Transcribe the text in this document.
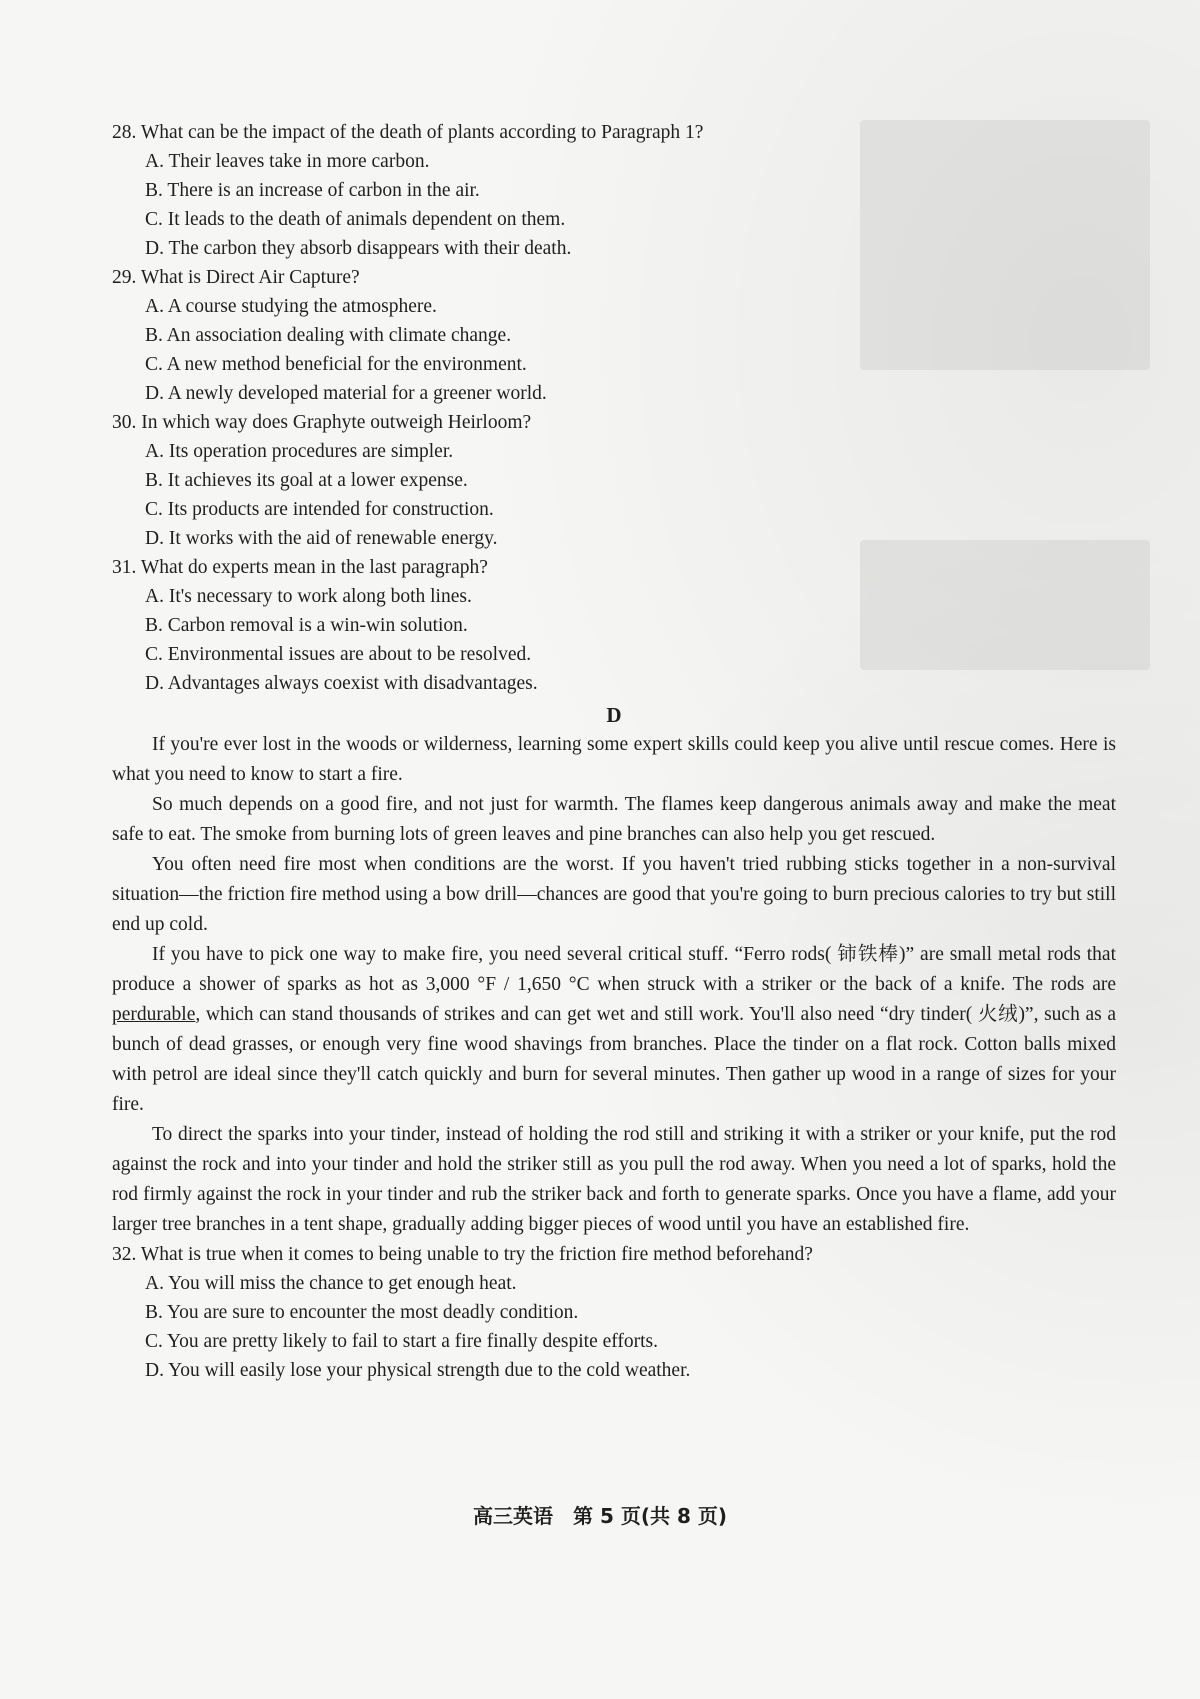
28. What can be the impact of the death of plants according to Paragraph 1?

A. Their leaves take in more carbon.

B. There is an increase of carbon in the air.

C. It leads to the death of animals dependent on them.

D. The carbon they absorb disappears with their death.

29. What is Direct Air Capture?

A. A course studying the atmosphere.

B. An association dealing with climate change.

C. A new method beneficial for the environment.

D. A newly developed material for a greener world.

30. In which way does Graphyte outweigh Heirloom?

A. Its operation procedures are simpler.

B. It achieves its goal at a lower expense.

C. Its products are intended for construction.

D. It works with the aid of renewable energy.

31. What do experts mean in the last paragraph?

A. It's necessary to work along both lines.

B. Carbon removal is a win-win solution.

C. Environmental issues are about to be resolved.

D. Advantages always coexist with disadvantages.

D

If you're ever lost in the woods or wilderness, learning some expert skills could keep you alive until rescue comes. Here is what you need to know to start a fire.

So much depends on a good fire, and not just for warmth. The flames keep dangerous animals away and make the meat safe to eat. The smoke from burning lots of green leaves and pine branches can also help you get rescued.

You often need fire most when conditions are the worst. If you haven't tried rubbing sticks together in a non-survival situation—the friction fire method using a bow drill—chances are good that you're going to burn precious calories to try but still end up cold.

If you have to pick one way to make fire, you need several critical stuff. “Ferro rods( 铈铁棒)” are small metal rods that produce a shower of sparks as hot as 3,000 °F / 1,650 °C when struck with a striker or the back of a knife. The rods are perdurable, which can stand thousands of strikes and can get wet and still work. You'll also need “dry tinder( 火绒)”, such as a bunch of dead grasses, or enough very fine wood shavings from branches. Place the tinder on a flat rock. Cotton balls mixed with petrol are ideal since they'll catch quickly and burn for several minutes. Then gather up wood in a range of sizes for your fire.

To direct the sparks into your tinder, instead of holding the rod still and striking it with a striker or your knife, put the rod against the rock and into your tinder and hold the striker still as you pull the rod away. When you need a lot of sparks, hold the rod firmly against the rock in your tinder and rub the striker back and forth to generate sparks. Once you have a flame, add your larger tree branches in a tent shape, gradually adding bigger pieces of wood until you have an established fire.

32. What is true when it comes to being unable to try the friction fire method beforehand?

A. You will miss the chance to get enough heat.

B. You are sure to encounter the most deadly condition.

C. You are pretty likely to fail to start a fire finally despite efforts.

D. You will easily lose your physical strength due to the cold weather.

高三英语　第 5 页(共 8 页)
